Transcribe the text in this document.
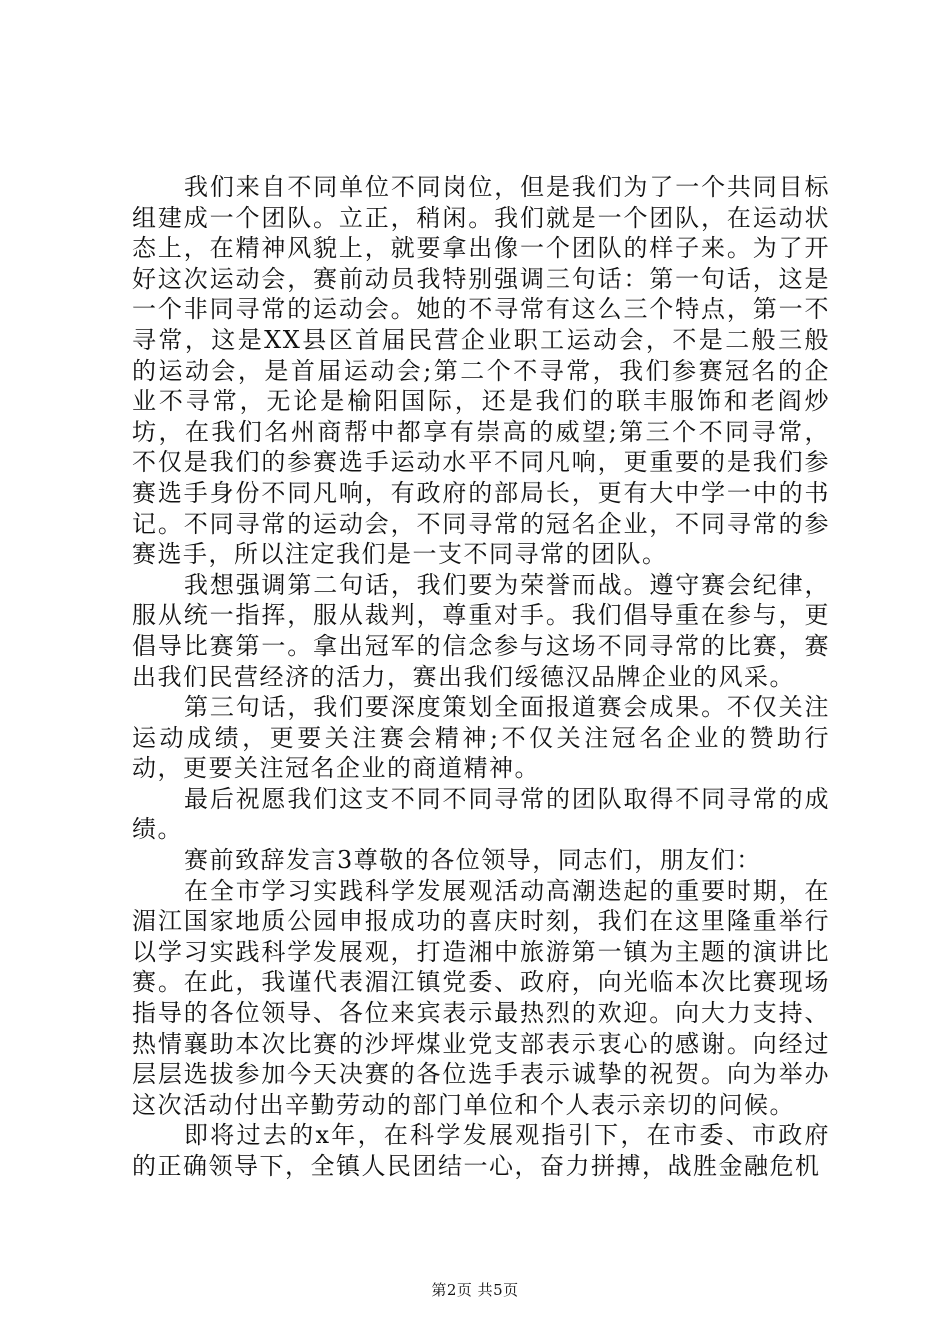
我们来自不同单位不同岗位，但是我们为了一个共同目标组建成一个团队。立正，稍闲。我们就是一个团队，在运动状态上，在精神风貌上，就要拿出像一个团队的样子来。为了开好这次运动会，赛前动员我特别强调三句话：第一句话，这是一个非同寻常的运动会。她的不寻常有这么三个特点，第一不寻常，这是XX县区首届民营企业职工运动会，不是二般三般的运动会，是首届运动会;第二个不寻常，我们参赛冠名的企业不寻常，无论是榆阳国际，还是我们的联丰服饰和老阎炒坊，在我们名州商帮中都享有崇高的威望;第三个不同寻常，不仅是我们的参赛选手运动水平不同凡响，更重要的是我们参赛选手身份不同凡响，有政府的部局长，更有大中学一中的书记。不同寻常的运动会，不同寻常的冠名企业，不同寻常的参赛选手，所以注定我们是一支不同寻常的团队。

我想强调第二句话，我们要为荣誉而战。遵守赛会纪律，服从统一指挥，服从裁判，尊重对手。我们倡导重在参与，更倡导比赛第一。拿出冠军的信念参与这场不同寻常的比赛，赛出我们民营经济的活力，赛出我们绥德汉品牌企业的风采。

第三句话，我们要深度策划全面报道赛会成果。不仅关注运动成绩，更要关注赛会精神;不仅关注冠名企业的赞助行动，更要关注冠名企业的商道精神。

最后祝愿我们这支不同不同寻常的团队取得不同寻常的成绩。

赛前致辞发言3尊敬的各位领导，同志们，朋友们：

在全市学习实践科学发展观活动高潮迭起的重要时期，在湄江国家地质公园申报成功的喜庆时刻，我们在这里隆重举行以学习实践科学发展观，打造湘中旅游第一镇为主题的演讲比赛。在此，我谨代表湄江镇党委、政府，向光临本次比赛现场指导的各位领导、各位来宾表示最热烈的欢迎。向大力支持、热情襄助本次比赛的沙坪煤业党支部表示衷心的感谢。向经过层层选拔参加今天决赛的各位选手表示诚挚的祝贺。向为举办这次活动付出辛勤劳动的部门单位和个人表示亲切的问候。

即将过去的x年，在科学发展观指引下，在市委、市政府的正确领导下，全镇人民团结一心，奋力拼搏，战胜金融危机

第2页 共5页
